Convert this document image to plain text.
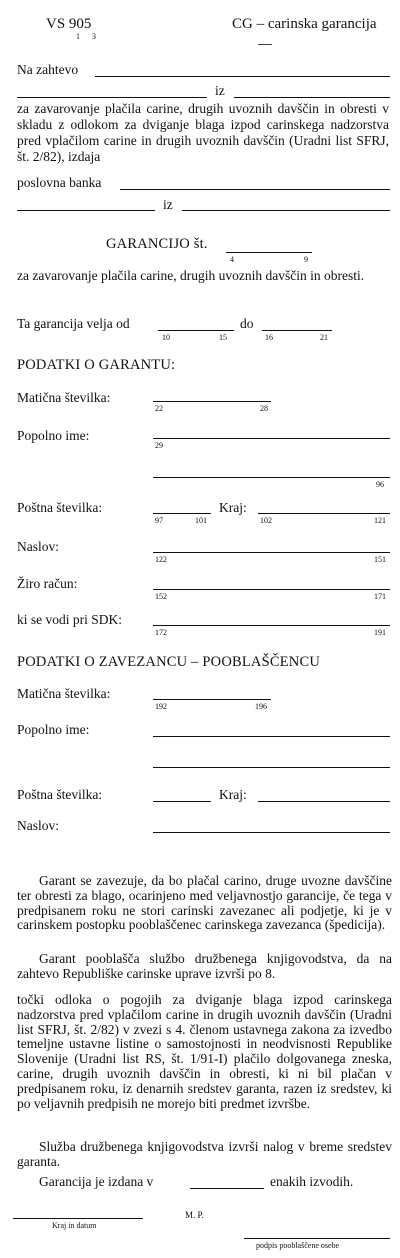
VS 905
1 3
CG – carinska garancija
Na zahtevo
iz
za zavarovanje plačila carine, drugih uvoznih davščin in obresti v skladu z odlokom za dviganje blaga izpod carinskega nadzorstva pred vplačilom carine in drugih uvoznih davščin (Uradni list SFRJ, št. 2/82), izdaja
poslovna banka
iz
GARANCIJO št.
4	9
za zavarovanje plačila carine, drugih uvoznih davščin in obresti.
Ta garancija velja od
10	15
do
16	21
PODATKI O GARANTU:
Matična številka:
22	28
Popolno ime:
29
96
Poštna številka:
97	101
Kraj:
102	121
Naslov:
122	151
Žiro račun:
152	171
ki se vodi pri SDK:
172	191
PODATKI O ZAVEZANCU – POOBLAŠČENCU
Matična številka:
192	196
Popolno ime:
Poštna številka:	Kraj:
Naslov:
Garant se zavezuje, da bo plačal carino, druge uvozne davščine ter obresti za blago, ocarinjeno med veljavnostjo garancije, če tega v predpisanem roku ne stori carinski zavezanec ali podjetje, ki je v carinskem postopku pooblaščenec carinskega zavezanca (špedicija).
Garant pooblašča službo družbenega knjigovodstva, da na zahtevo Republiške carinske uprave izvrši po 8.
točki odloka o pogojih za dviganje blaga izpod carinskega nadzorstva pred vplačilom carine in drugih uvoznih davščin (Uradni list SFRJ, št. 2/82) v zvezi s 4. členom ustavnega zakona za izvedbo temeljne ustavne listine o samostojnosti in neodvisnosti Republike Slovenije (Uradni list RS, št. 1/91-I) plačilo dolgovanega zneska, carine, drugih uvoznih davščin in obresti, ki ni bil plačan v predpisanem roku, iz denarnih sredstev garanta, razen iz sredstev, ki po veljavnih predpisih ne morejo biti predmet izvršbe.
Služba družbenega knjigovodstva izvrši nalog v breme sredstev garanta.
Garancija je izdana v	enakih izvodih.
Kraj in datum
M. P.
podpis pooblaščene osebe
